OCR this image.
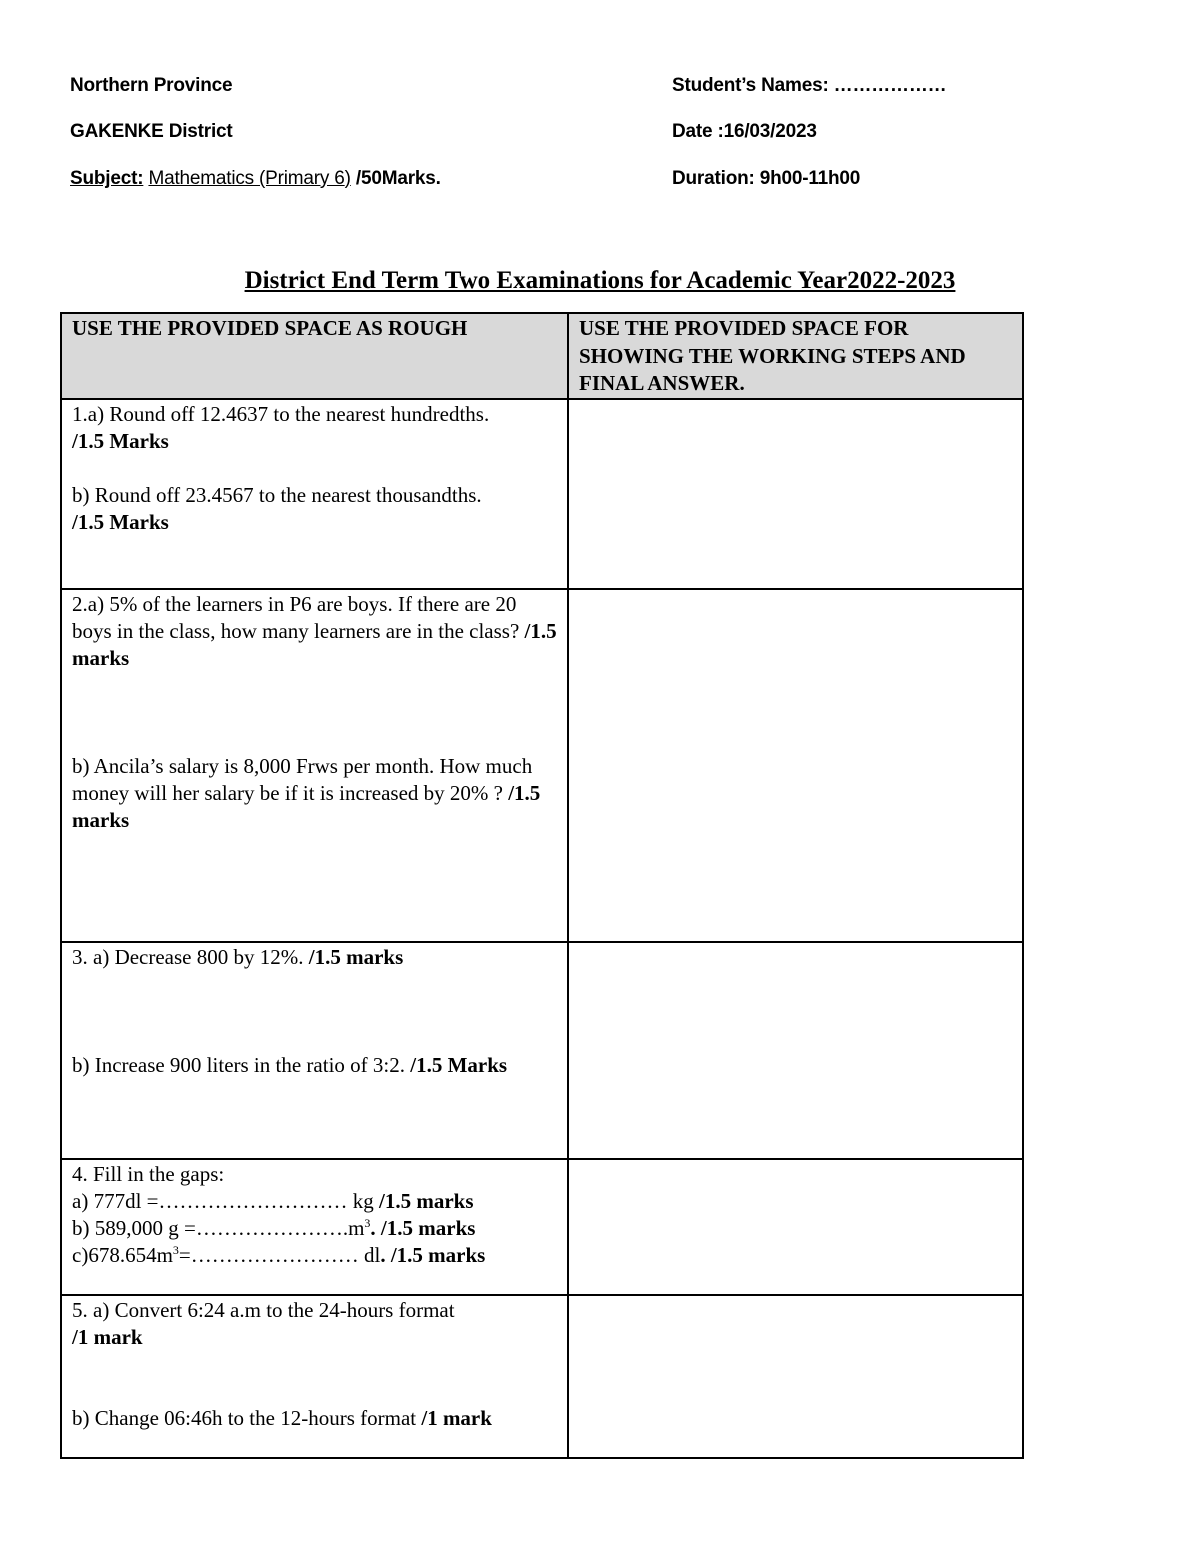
Northern Province
GAKENKE District
Subject: Mathematics (Primary 6) /50Marks.
Student’s Names: ………………
Date :16/03/2023
Duration: 9h00-11h00
District End Term Two Examinations for Academic Year2022-2023
USE THE PROVIDED SPACE AS ROUGH	USE THE PROVIDED SPACE FOR SHOWING THE WORKING STEPS AND FINAL ANSWER.

1.a) Round off 12.4637 to the nearest hundredths.

/1.5 Marks

b) Round off 23.4567 to the nearest thousandths.

/1.5 Marks	

2.a) 5% of the learners in P6 are boys. If there are 20 boys in the class, how many learners are in the class? /1.5 marks

b) Ancila’s salary is 8,000 Frws per month. How much money will her salary be if it is increased by 20% ? /1.5 marks	

3. a) Decrease 800 by 12%. /1.5 marks

b) Increase 900 liters in the ratio of 3:2. /1.5 Marks	

4. Fill in the gaps:

a) 777dl =……………………… kg /1.5 marks

b) 589,000 $g =\dots\dots\dots\dots\dots\dots\dots.m^3$. /1.5 marks

$c)678.654m^3=\dots\dots\dots\dots\dots\dots\dots\dots$ dl. /1.5 marks	

5. a) Convert 6:24 a.m to the 24-hours format

/1 mark

b) Change 06:46h to the 12-hours format /1 mark	
